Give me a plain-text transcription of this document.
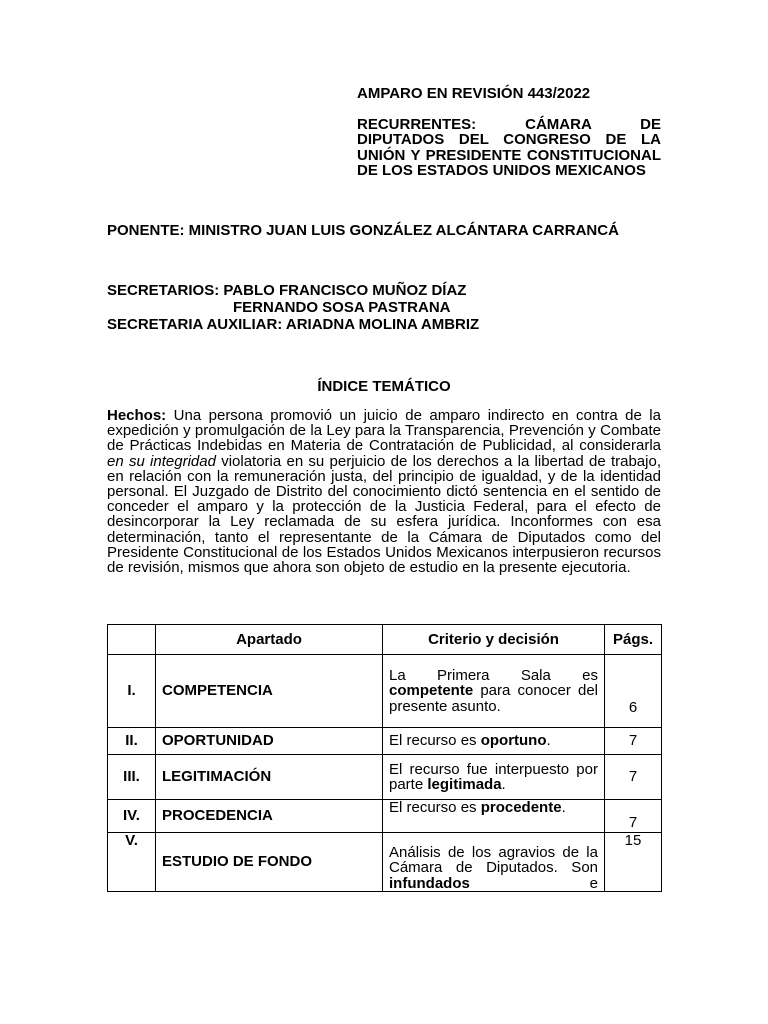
AMPARO EN REVISIÓN 443/2022
RECURRENTES: CÁMARA DE DIPUTADOS DEL CONGRESO DE LA UNIÓN Y PRESIDENTE CONSTITUCIONAL DE LOS ESTADOS UNIDOS MEXICANOS
PONENTE: MINISTRO JUAN LUIS GONZÁLEZ ALCÁNTARA CARRANCÁ
SECRETARIOS: PABLO FRANCISCO MUÑOZ DÍAZ
FERNANDO SOSA PASTRANA
SECRETARIA AUXILIAR: ARIADNA MOLINA AMBRIZ
ÍNDICE TEMÁTICO
Hechos: Una persona promovió un juicio de amparo indirecto en contra de la expedición y promulgación de la Ley para la Transparencia, Prevención y Combate de Prácticas Indebidas en Materia de Contratación de Publicidad, al considerarla en su integridad violatoria en su perjuicio de los derechos a la libertad de trabajo, en relación con la remuneración justa, del principio de igualdad, y de la identidad personal. El Juzgado de Distrito del conocimiento dictó sentencia en el sentido de conceder el amparo y la protección de la Justicia Federal, para el efecto de desincorporar la Ley reclamada de su esfera jurídica. Inconformes con esa determinación, tanto el representante de la Cámara de Diputados como del Presidente Constitucional de los Estados Unidos Mexicanos interpusieron recursos de revisión, mismos que ahora son objeto de estudio en la presente ejecutoria.
	Apartado	Criterio y decisión	Págs.
I.	COMPETENCIA	La Primera Sala es competente para conocer del presente asunto.	6
II.	OPORTUNIDAD	El recurso es oportuno.	7
III.	LEGITIMACIÓN	El recurso fue interpuesto por parte legitimada.	7
IV.	PROCEDENCIA	El recurso es procedente.	7
V.	ESTUDIO DE FONDO	Análisis de los agravios de la Cámara de Diputados. Son infundados e	15
